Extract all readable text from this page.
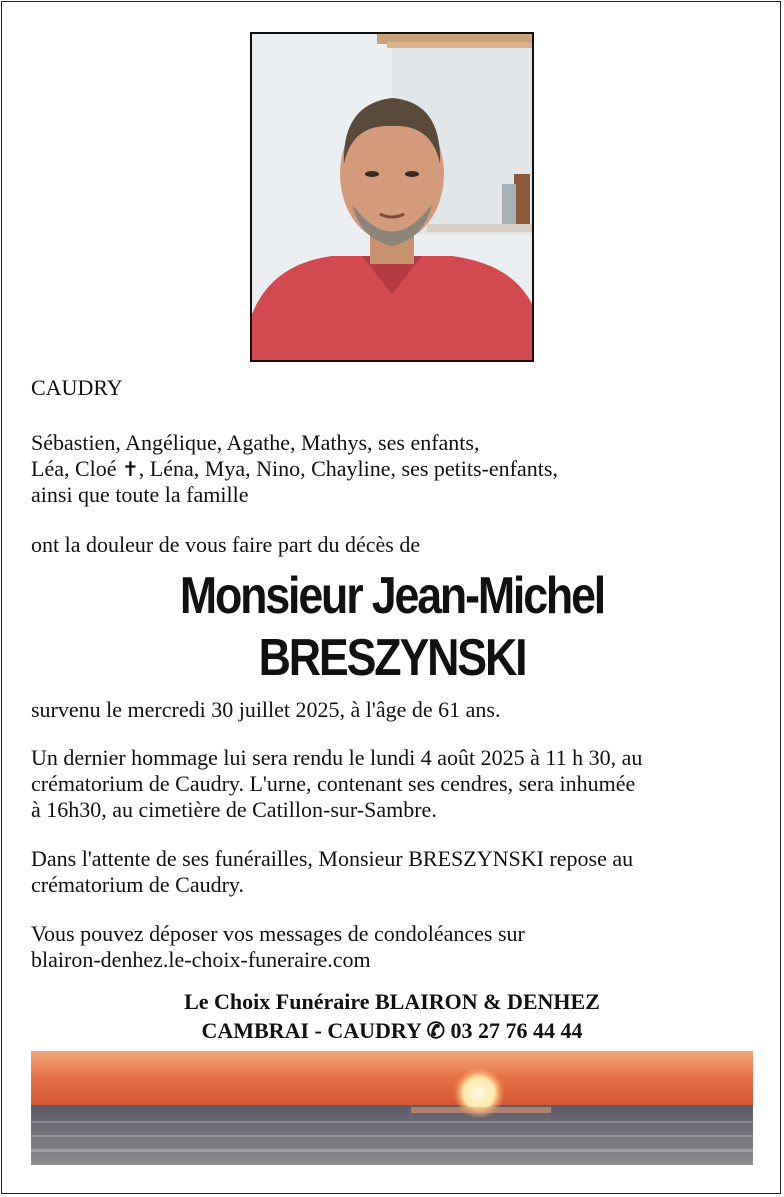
CAUDRY

Sébastien, Angélique, Agathe, Mathys, ses enfants,

Léa, Cloé ✝, Léna, Mya, Nino, Chayline, ses petits-enfants,

ainsi que toute la famille

ont la douleur de vous faire part du décès de

Monsieur Jean-Michel

BRESZYNSKI

survenu le mercredi 30 juillet 2025, à l'âge de 61 ans.

Un dernier hommage lui sera rendu le lundi 4 août 2025 à 11 h 30, au

crématorium de Caudry. L'urne, contenant ses cendres, sera inhumée

à 16h30, au cimetière de Catillon-sur-Sambre.

Dans l'attente de ses funérailles, Monsieur BRESZYNSKI repose au

crématorium de Caudry.

Vous pouvez déposer vos messages de condoléances sur

blairon-denhez.le-choix-funeraire.com

Le Choix Funéraire BLAIRON & DENHEZ

CAMBRAI - CAUDRY ✆ 03 27 76 44 44
